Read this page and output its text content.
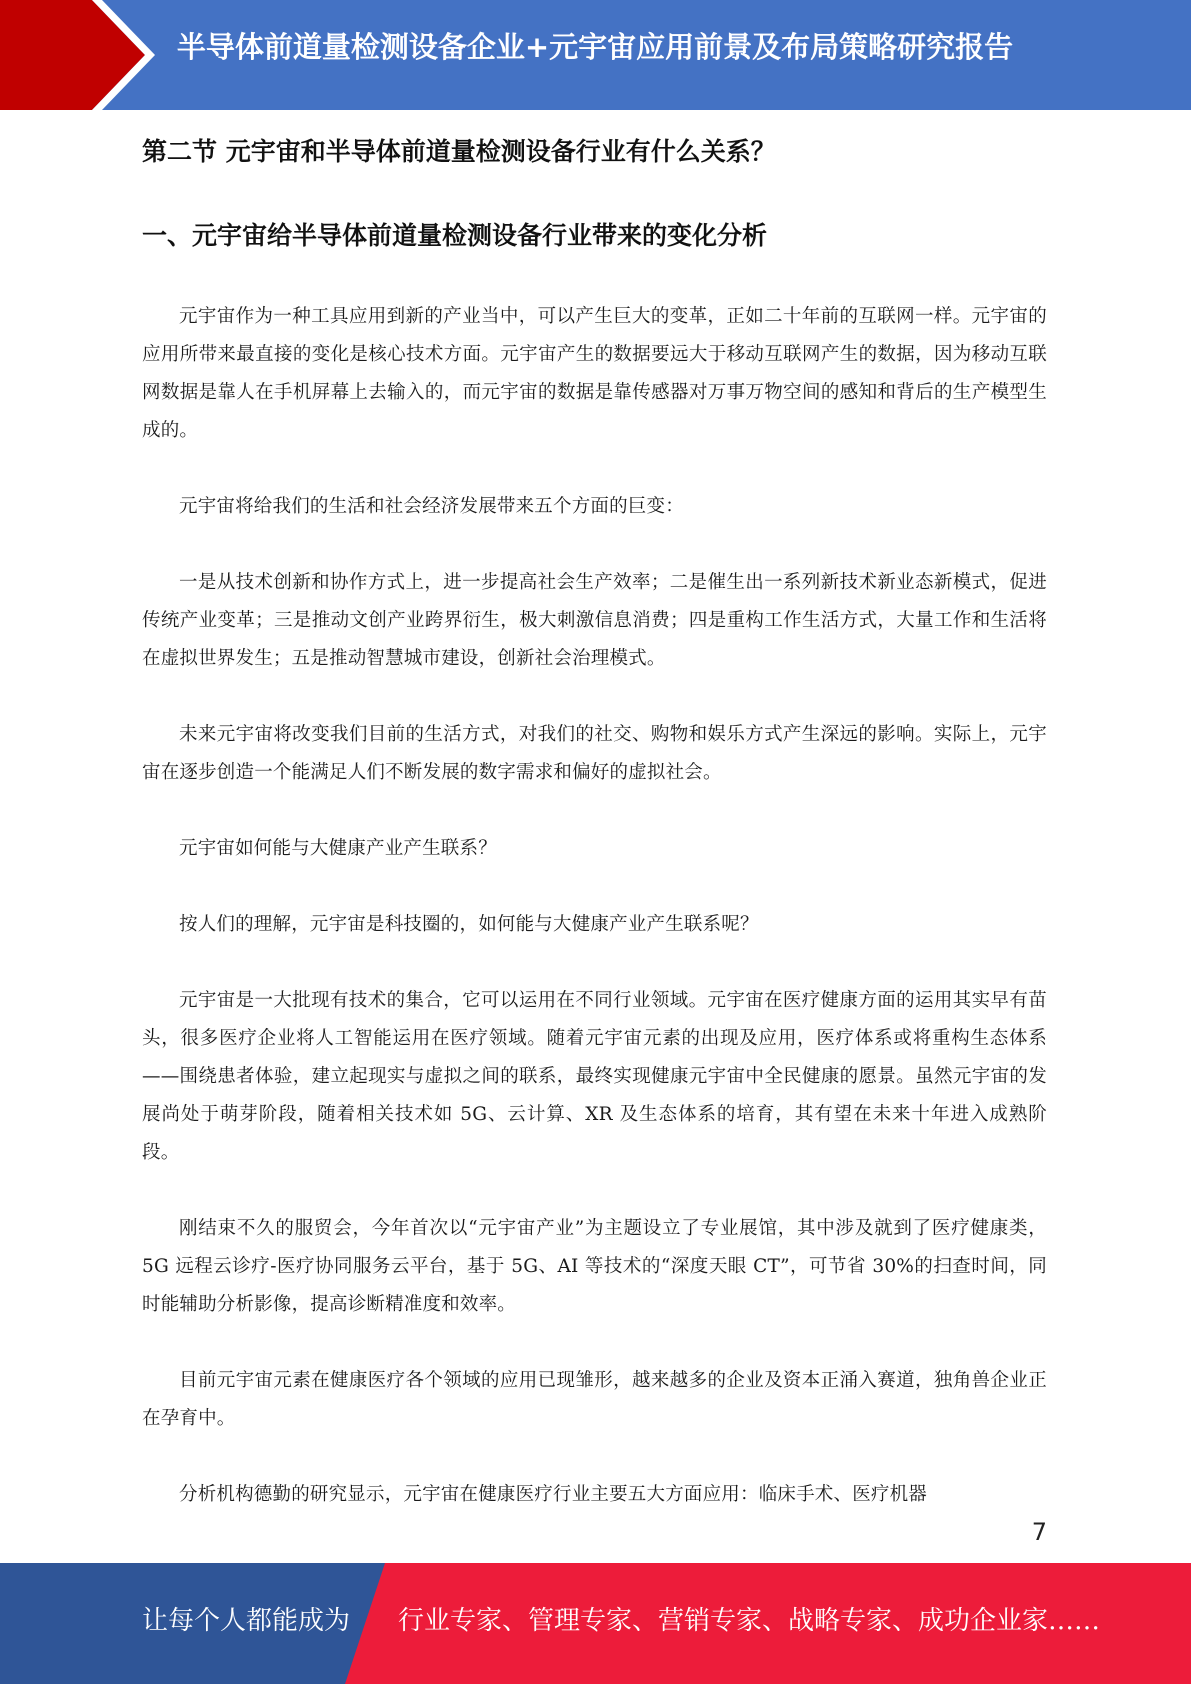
半导体前道量检测设备企业+元宇宙应用前景及布局策略研究报告
第二节 元宇宙和半导体前道量检测设备行业有什么关系？
一、元宇宙给半导体前道量检测设备行业带来的变化分析

元宇宙作为一种工具应用到新的产业当中，可以产生巨大的变革，正如二十年前的互联网一样。元宇宙的应用所带来最直接的变化是核心技术方面。元宇宙产生的数据要远大于移动互联网产生的数据，因为移动互联网数据是靠人在手机屏幕上去输入的，而元宇宙的数据是靠传感器对万事万物空间的感知和背后的生产模型生成的。

元宇宙将给我们的生活和社会经济发展带来五个方面的巨变：

一是从技术创新和协作方式上，进一步提高社会生产效率；二是催生出一系列新技术新业态新模式，促进传统产业变革；三是推动文创产业跨界衍生，极大刺激信息消费；四是重构工作生活方式，大量工作和生活将在虚拟世界发生；五是推动智慧城市建设，创新社会治理模式。

未来元宇宙将改变我们目前的生活方式，对我们的社交、购物和娱乐方式产生深远的影响。实际上，元宇宙在逐步创造一个能满足人们不断发展的数字需求和偏好的虚拟社会。

元宇宙如何能与大健康产业产生联系？

按人们的理解，元宇宙是科技圈的，如何能与大健康产业产生联系呢？

元宇宙是一大批现有技术的集合，它可以运用在不同行业领域。元宇宙在医疗健康方面的运用其实早有苗头，很多医疗企业将人工智能运用在医疗领域。随着元宇宙元素的出现及应用，医疗体系或将重构生态体系——围绕患者体验，建立起现实与虚拟之间的联系，最终实现健康元宇宙中全民健康的愿景。虽然元宇宙的发展尚处于萌芽阶段，随着相关技术如 5G、云计算、XR 及生态体系的培育，其有望在未来十年进入成熟阶段。

刚结束不久的服贸会，今年首次以“元宇宙产业”为主题设立了专业展馆，其中涉及就到了医疗健康类，5G 远程云诊疗-医疗协同服务云平台，基于 5G、AI 等技术的“深度天眼 CT”，可节省 30%的扫查时间，同时能辅助分析影像，提高诊断精准度和效率。

目前元宇宙元素在健康医疗各个领域的应用已现雏形，越来越多的企业及资本正涌入赛道，独角兽企业正在孕育中。

分析机构德勤的研究显示，元宇宙在健康医疗行业主要五大方面应用：临床手术、医疗机器

7
让每个人都能成为 行业专家、管理专家、营销专家、战略专家、成功企业家……
